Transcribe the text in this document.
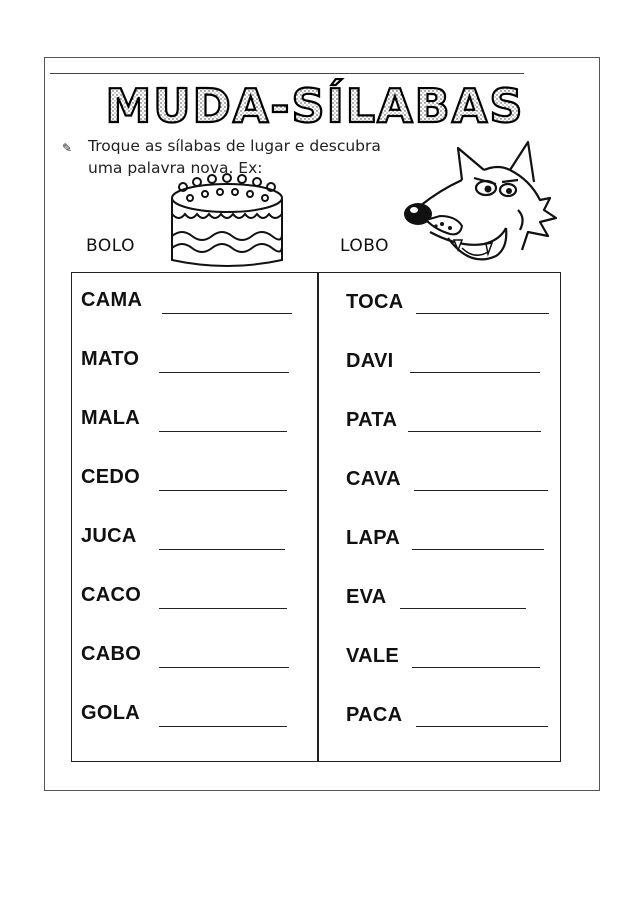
MUDA-SÍLABAS
✎ Troque as sílabas de lugar e descubra
uma palavra nova. Ex:
BOLO	LOBO
CAMA
MATO
MALA
CEDO
JUCA
CACO
CABO
GOLA
TOCA
DAVI
PATA
CAVA
LAPA
EVA
VALE
PACA
